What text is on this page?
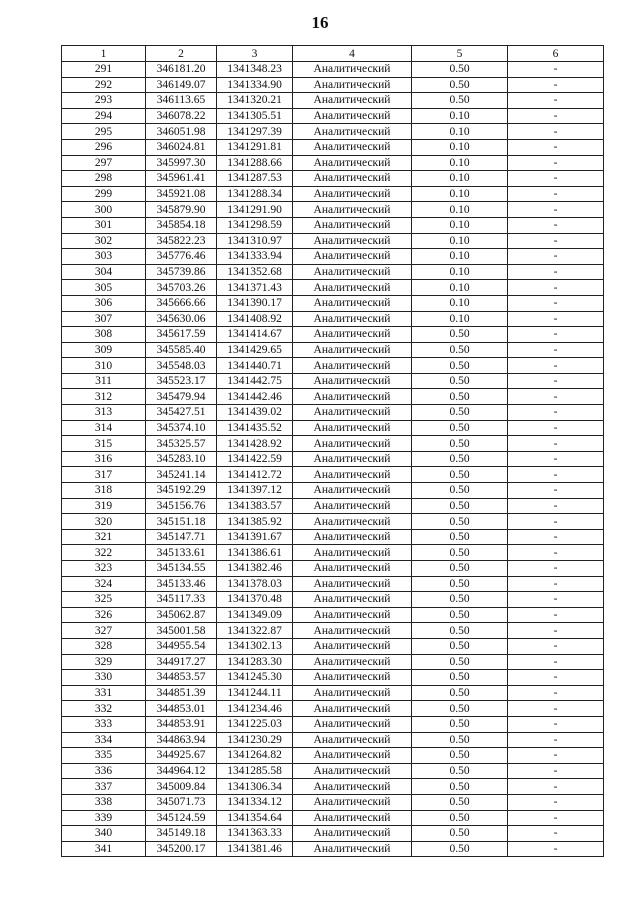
16
1	2	3	4	5	6
291	346181.20	1341348.23	Аналитический	0.50	-
292	346149.07	1341334.90	Аналитический	0.50	-
293	346113.65	1341320.21	Аналитический	0.50	-
294	346078.22	1341305.51	Аналитический	0.10	-
295	346051.98	1341297.39	Аналитический	0.10	-
296	346024.81	1341291.81	Аналитический	0.10	-
297	345997.30	1341288.66	Аналитический	0.10	-
298	345961.41	1341287.53	Аналитический	0.10	-
299	345921.08	1341288.34	Аналитический	0.10	-
300	345879.90	1341291.90	Аналитический	0.10	-
301	345854.18	1341298.59	Аналитический	0.10	-
302	345822.23	1341310.97	Аналитический	0.10	-
303	345776.46	1341333.94	Аналитический	0.10	-
304	345739.86	1341352.68	Аналитический	0.10	-
305	345703.26	1341371.43	Аналитический	0.10	-
306	345666.66	1341390.17	Аналитический	0.10	-
307	345630.06	1341408.92	Аналитический	0.10	-
308	345617.59	1341414.67	Аналитический	0.50	-
309	345585.40	1341429.65	Аналитический	0.50	-
310	345548.03	1341440.71	Аналитический	0.50	-
311	345523.17	1341442.75	Аналитический	0.50	-
312	345479.94	1341442.46	Аналитический	0.50	-
313	345427.51	1341439.02	Аналитический	0.50	-
314	345374.10	1341435.52	Аналитический	0.50	-
315	345325.57	1341428.92	Аналитический	0.50	-
316	345283.10	1341422.59	Аналитический	0.50	-
317	345241.14	1341412.72	Аналитический	0.50	-
318	345192.29	1341397.12	Аналитический	0.50	-
319	345156.76	1341383.57	Аналитический	0.50	-
320	345151.18	1341385.92	Аналитический	0.50	-
321	345147.71	1341391.67	Аналитический	0.50	-
322	345133.61	1341386.61	Аналитический	0.50	-
323	345134.55	1341382.46	Аналитический	0.50	-
324	345133.46	1341378.03	Аналитический	0.50	-
325	345117.33	1341370.48	Аналитический	0.50	-
326	345062.87	1341349.09	Аналитический	0.50	-
327	345001.58	1341322.87	Аналитический	0.50	-
328	344955.54	1341302.13	Аналитический	0.50	-
329	344917.27	1341283.30	Аналитический	0.50	-
330	344853.57	1341245.30	Аналитический	0.50	-
331	344851.39	1341244.11	Аналитический	0.50	-
332	344853.01	1341234.46	Аналитический	0.50	-
333	344853.91	1341225.03	Аналитический	0.50	-
334	344863.94	1341230.29	Аналитический	0.50	-
335	344925.67	1341264.82	Аналитический	0.50	-
336	344964.12	1341285.58	Аналитический	0.50	-
337	345009.84	1341306.34	Аналитический	0.50	-
338	345071.73	1341334.12	Аналитический	0.50	-
339	345124.59	1341354.64	Аналитический	0.50	-
340	345149.18	1341363.33	Аналитический	0.50	-
341	345200.17	1341381.46	Аналитический	0.50	-
